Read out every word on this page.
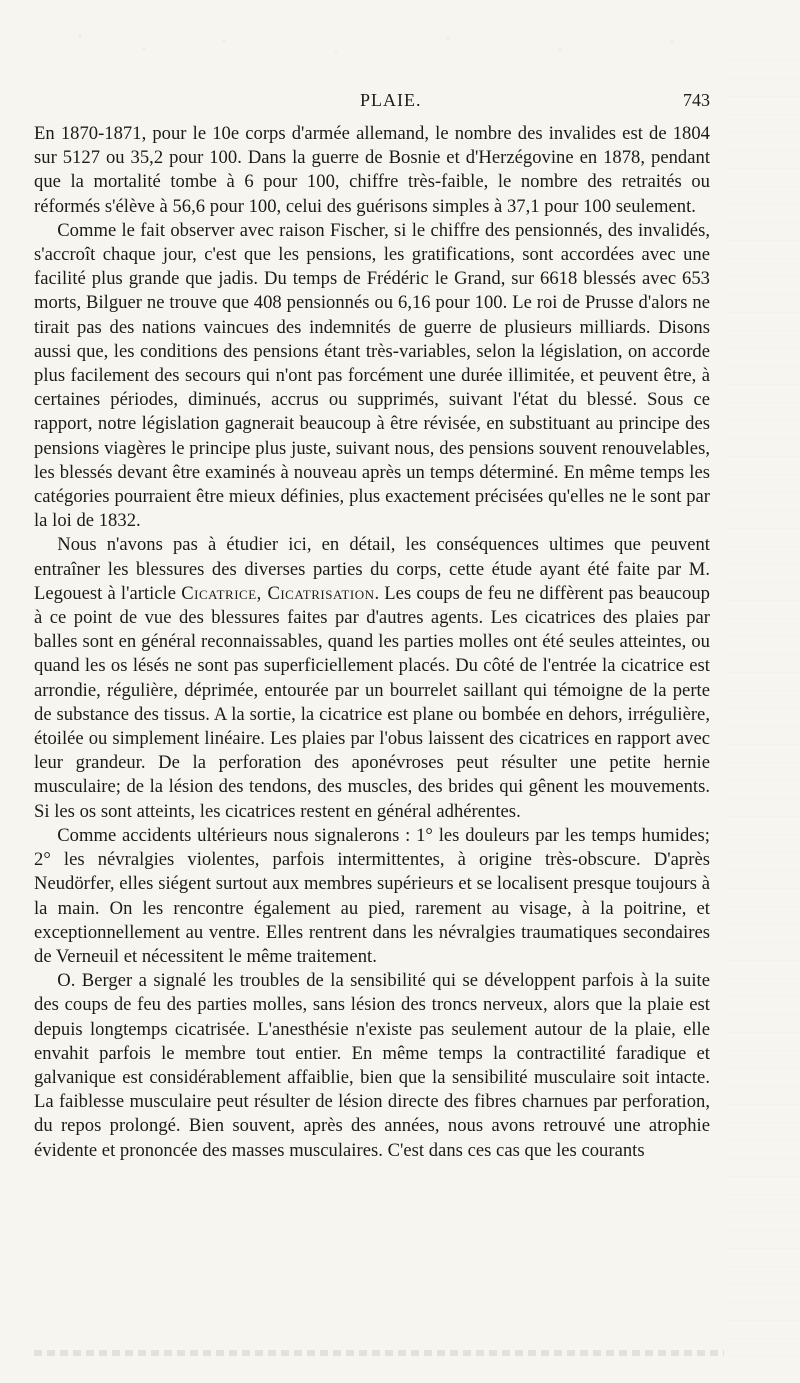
PLAIE.	743

En 1870-1871, pour le 10e corps d'armée allemand, le nombre des invalides est de 1804 sur 5127 ou 35,2 pour 100. Dans la guerre de Bosnie et d'Herzégovine en 1878, pendant que la mortalité tombe à 6 pour 100, chiffre très-faible, le nombre des retraités ou réformés s'élève à 56,6 pour 100, celui des guérisons simples à 37,1 pour 100 seulement.

Comme le fait observer avec raison Fischer, si le chiffre des pensionnés, des invalidés, s'accroît chaque jour, c'est que les pensions, les gratifications, sont accordées avec une facilité plus grande que jadis. Du temps de Frédéric le Grand, sur 6618 blessés avec 653 morts, Bilguer ne trouve que 408 pensionnés ou 6,16 pour 100. Le roi de Prusse d'alors ne tirait pas des nations vaincues des indemnités de guerre de plusieurs milliards. Disons aussi que, les conditions des pensions étant très-variables, selon la législation, on accorde plus facilement des secours qui n'ont pas forcément une durée illimitée, et peuvent être, à certaines périodes, diminués, accrus ou supprimés, suivant l'état du blessé. Sous ce rapport, notre législation gagnerait beaucoup à être révisée, en substituant au principe des pensions viagères le principe plus juste, suivant nous, des pensions souvent renouvelables, les blessés devant être examinés à nouveau après un temps déterminé. En même temps les catégories pourraient être mieux définies, plus exactement précisées qu'elles ne le sont par la loi de 1832.

Nous n'avons pas à étudier ici, en détail, les conséquences ultimes que peuvent entraîner les blessures des diverses parties du corps, cette étude ayant été faite par M. Legouest à l'article Cicatrice, Cicatrisation. Les coups de feu ne diffèrent pas beaucoup à ce point de vue des blessures faites par d'autres agents. Les cicatrices des plaies par balles sont en général reconnaissables, quand les parties molles ont été seules atteintes, ou quand les os lésés ne sont pas superficiellement placés. Du côté de l'entrée la cicatrice est arrondie, régulière, déprimée, entourée par un bourrelet saillant qui témoigne de la perte de substance des tissus. A la sortie, la cicatrice est plane ou bombée en dehors, irrégulière, étoilée ou simplement linéaire. Les plaies par l'obus laissent des cicatrices en rapport avec leur grandeur. De la perforation des aponévroses peut résulter une petite hernie musculaire; de la lésion des tendons, des muscles, des brides qui gênent les mouvements. Si les os sont atteints, les cicatrices restent en général adhérentes.

Comme accidents ultérieurs nous signalerons : 1° les douleurs par les temps humides; 2° les névralgies violentes, parfois intermittentes, à origine très-obscure. D'après Neudörfer, elles siégent surtout aux membres supérieurs et se localisent presque toujours à la main. On les rencontre également au pied, rarement au visage, à la poitrine, et exceptionnellement au ventre. Elles rentrent dans les névralgies traumatiques secondaires de Verneuil et nécessitent le même traitement.

O. Berger a signalé les troubles de la sensibilité qui se développent parfois à la suite des coups de feu des parties molles, sans lésion des troncs nerveux, alors que la plaie est depuis longtemps cicatrisée. L'anesthésie n'existe pas seulement autour de la plaie, elle envahit parfois le membre tout entier. En même temps la contractilité faradique et galvanique est considérablement affaiblie, bien que la sensibilité musculaire soit intacte. La faiblesse musculaire peut résulter de lésion directe des fibres charnues par perforation, du repos prolongé. Bien souvent, après des années, nous avons retrouvé une atrophie évidente et prononcée des masses musculaires. C'est dans ces cas que les courants
